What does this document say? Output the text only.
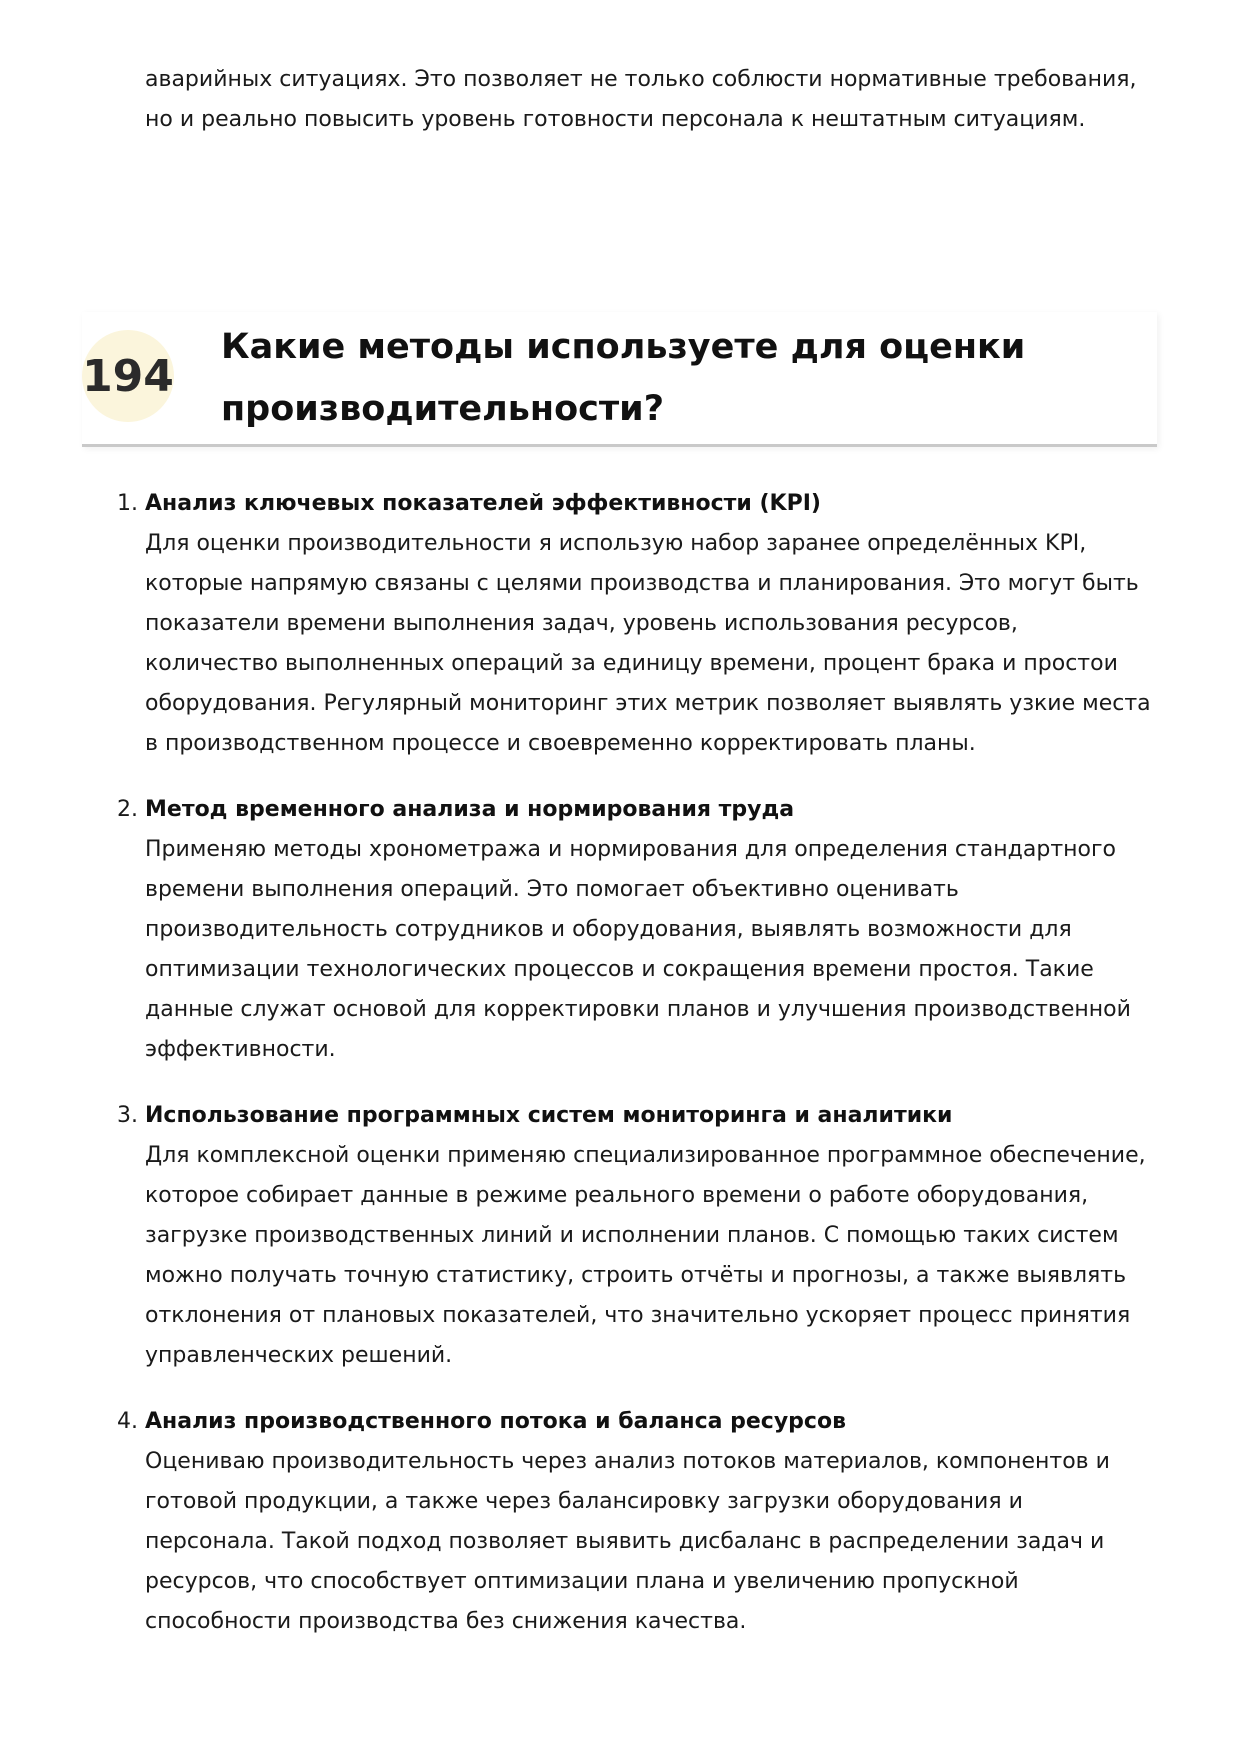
аварийных ситуациях. Это позволяет не только соблюсти нормативные требования, но и реально повысить уровень готовности персонала к нештатным ситуациям.

194
Какие методы используете для оценки производительности?
1. Анализ ключевых показателей эффективности (KPI)
Для оценки производительности я использую набор заранее определённых KPI, которые напрямую связаны с целями производства и планирования. Это могут быть показатели времени выполнения задач, уровень использования ресурсов, количество выполненных операций за единицу времени, процент брака и простои оборудования. Регулярный мониторинг этих метрик позволяет выявлять узкие места в производственном процессе и своевременно корректировать планы.
2. Метод временного анализа и нормирования труда
Применяю методы хронометража и нормирования для определения стандартного времени выполнения операций. Это помогает объективно оценивать производительность сотрудников и оборудования, выявлять возможности для оптимизации технологических процессов и сокращения времени простоя. Такие данные служат основой для корректировки планов и улучшения производственной эффективности.
3. Использование программных систем мониторинга и аналитики
Для комплексной оценки применяю специализированное программное обеспечение, которое собирает данные в режиме реального времени о работе оборудования, загрузке производственных линий и исполнении планов. С помощью таких систем можно получать точную статистику, строить отчёты и прогнозы, а также выявлять отклонения от плановых показателей, что значительно ускоряет процесс принятия управленческих решений.
4. Анализ производственного потока и баланса ресурсов
Оцениваю производительность через анализ потоков материалов, компонентов и готовой продукции, а также через балансировку загрузки оборудования и персонала. Такой подход позволяет выявить дисбаланс в распределении задач и ресурсов, что способствует оптимизации плана и увеличению пропускной способности производства без снижения качества.
